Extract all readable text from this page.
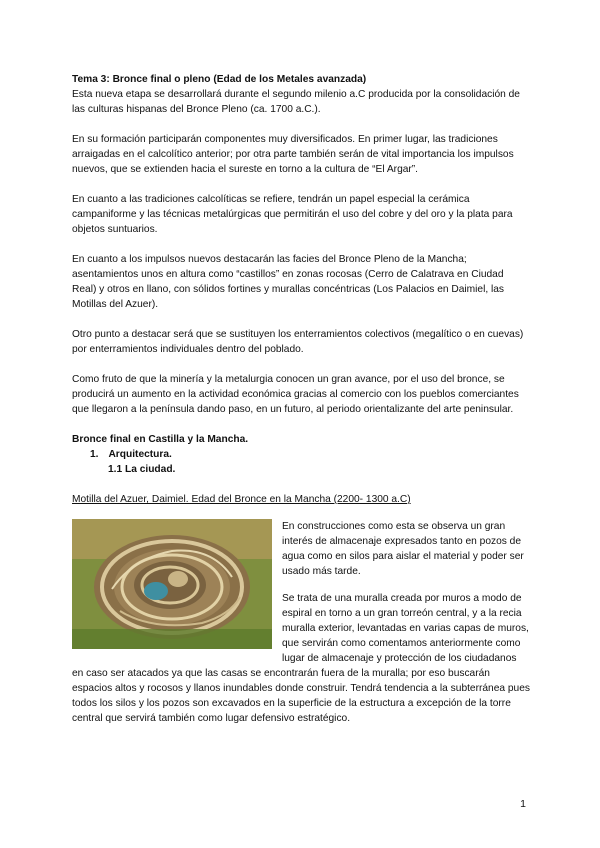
Tema 3: Bronce final o pleno (Edad de los Metales avanzada)

Esta nueva etapa se desarrollará durante el segundo milenio a.C producida por la consolidación de las culturas hispanas del Bronce Pleno (ca. 1700 a.C.).

En su formación participarán componentes muy diversificados. En primer lugar, las tradiciones arraigadas en el calcolítico anterior; por otra parte también serán de vital importancia los impulsos nuevos, que se extienden hacia el sureste en torno a la cultura de “El Argar”.

En cuanto a las tradiciones calcolíticas se refiere, tendrán un papel especial la cerámica campaniforme y las técnicas metalúrgicas que permitirán el uso del cobre y del oro y la plata para objetos suntuarios.

En cuanto a los impulsos nuevos destacarán las facies del Bronce Pleno de la Mancha; asentamientos unos en altura como “castillos” en zonas rocosas (Cerro de Calatrava en Ciudad Real) y otros en llano, con sólidos fortines y murallas concéntricas (Los Palacios en Daimiel, las Motillas del Azuer).

Otro punto a destacar será que se sustituyen los enterramientos colectivos (megalítico o en cuevas) por enterramientos individuales dentro del poblado.

Como fruto de que la minería y la metalurgia conocen un gran avance, por el uso del bronce, se producirá un aumento en la actividad económica gracias al comercio con los pueblos comerciantes que llegaron a la península dando paso, en un futuro, al periodo orientalizante del arte peninsular.

Bronce final en Castilla y la Mancha.

1. Arquitectura.
1.1 La ciudad.

Motilla del Azuer, Daimiel. Edad del Bronce en la Mancha (2200- 1300 a.C)

En construcciones como esta se observa un gran interés de almacenaje expresados tanto en pozos de agua como en silos para aislar el material y poder ser usado más tarde.

Se trata de una muralla creada por muros a modo de espiral en torno a un gran torreón central, y a la recia muralla exterior, levantadas en varias capas de muros, que servirán como comentamos anteriormente como lugar de almacenaje y protección de los ciudadanos en caso ser atacados ya que las casas se encontrarán fuera de la muralla; por eso buscarán espacios altos y rocosos y llanos inundables donde construir. Tendrá tendencia a la subterránea pues todos los silos y los pozos son excavados en la superficie de la estructura a excepción de la torre central que servirá también como lugar defensivo estratégico.

1
